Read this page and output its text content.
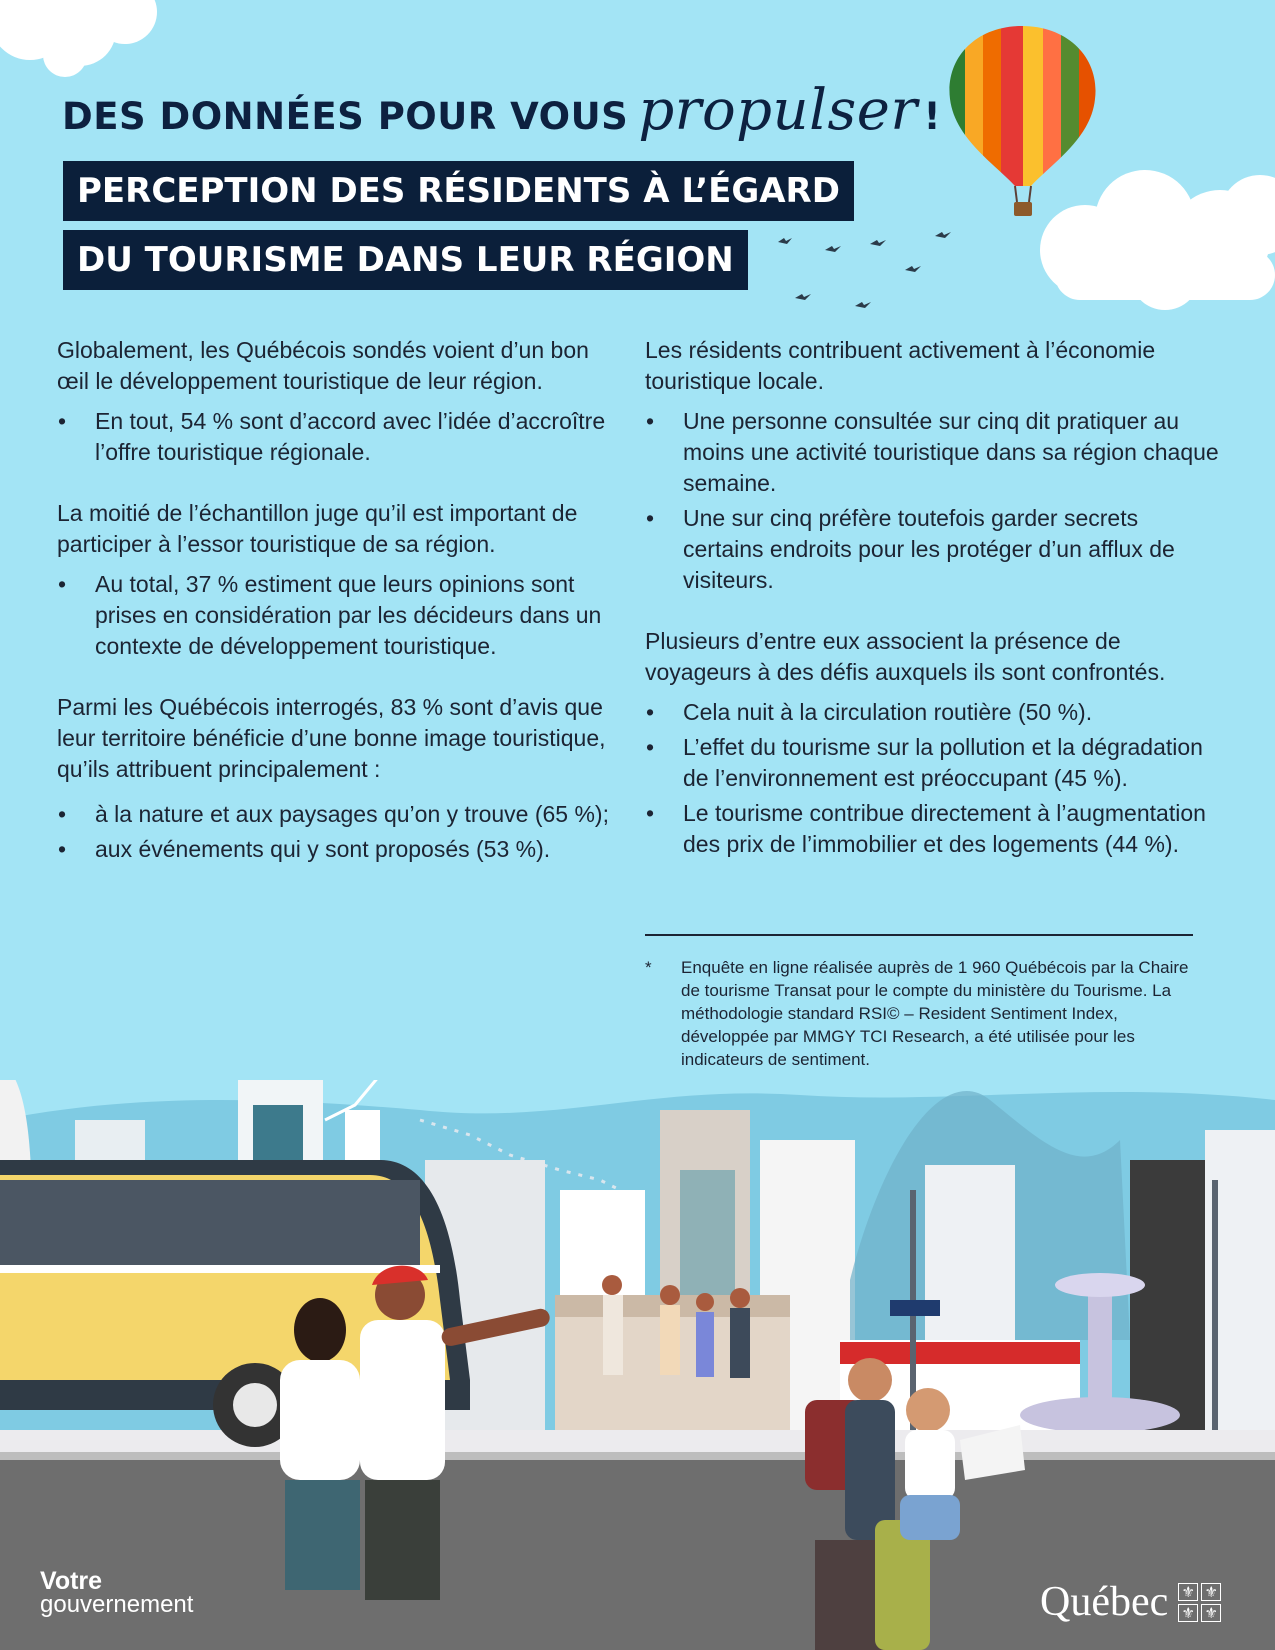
DES DONNÉES POUR VOUS propulser !
PERCEPTION DES RÉSIDENTS À L’ÉGARD
DU TOURISME DANS LEUR RÉGION

Globalement, les Québécois sondés voient d’un bon œil le développement touristique de leur région.

• En tout, 54 % sont d’accord avec l’idée d’accroître l’offre touristique régionale.

La moitié de l’échantillon juge qu’il est important de participer à l’essor touristique de sa région.

• Au total, 37 % estiment que leurs opinions sont prises en considération par les décideurs dans un contexte de développement touristique.

Parmi les Québécois interrogés, 83 % sont d’avis que leur territoire bénéficie d’une bonne image touristique, qu’ils attribuent principalement :

• à la nature et aux paysages qu’on y trouve (65 %);
• aux événements qui y sont proposés (53 %).

Les résidents contribuent activement à l’économie touristique locale.

• Une personne consultée sur cinq dit pratiquer au moins une activité touristique dans sa région chaque semaine.
• Une sur cinq préfère toutefois garder secrets certains endroits pour les protéger d’un afflux de visiteurs.

Plusieurs d’entre eux associent la présence de voyageurs à des défis auxquels ils sont confrontés.

• Cela nuit à la circulation routière (50 %).
• L’effet du tourisme sur la pollution et la dégradation de l’environnement est préoccupant (45 %).
• Le tourisme contribue directement à l’augmentation des prix de l’immobilier et des logements (44 %).
* Enquête en ligne réalisée auprès de 1 960 Québécois par la Chaire de tourisme Transat pour le compte du ministère du Tourisme. La méthodologie standard RSI© – Resident Sentiment Index, développée par MMGY TCI Research, a été utilisée pour les indicateurs de sentiment.
Votre
gouvernement	Québec ⚜ ⚜
⚜ ⚜
